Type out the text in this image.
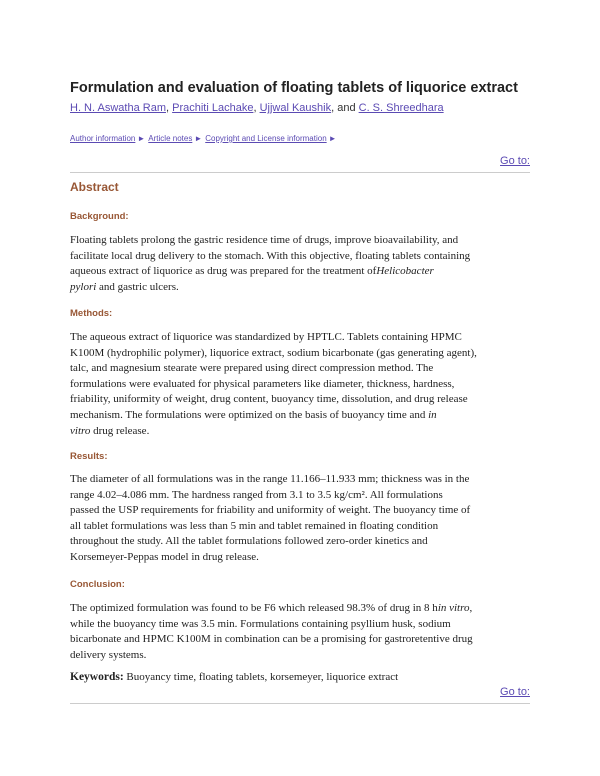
Formulation and evaluation of floating tablets of liquorice extract
H. N. Aswatha Ram, Prachiti Lachake, Ujjwal Kaushik, and C. S. Shreedhara
Author information ► Article notes ► Copyright and License information ►
Go to:
Abstract
Background:

Floating tablets prolong the gastric residence time of drugs, improve bioavailability, and

facilitate local drug delivery to the stomach. With this objective, floating tablets containing

aqueous extract of liquorice as drug was prepared for the treatment ofHelicobacter

pylori and gastric ulcers.

Methods:

The aqueous extract of liquorice was standardized by HPTLC. Tablets containing HPMC

K100M (hydrophilic polymer), liquorice extract, sodium bicarbonate (gas generating agent),

talc, and magnesium stearate were prepared using direct compression method. The

formulations were evaluated for physical parameters like diameter, thickness, hardness,

friability, uniformity of weight, drug content, buoyancy time, dissolution, and drug release

mechanism. The formulations were optimized on the basis of buoyancy time and in

vitro drug release.

Results:

The diameter of all formulations was in the range 11.166–11.933 mm; thickness was in the

range 4.02–4.086 mm. The hardness ranged from 3.1 to 3.5 kg/cm². All formulations

passed the USP requirements for friability and uniformity of weight. The buoyancy time of

all tablet formulations was less than 5 min and tablet remained in floating condition

throughout the study. All the tablet formulations followed zero-order kinetics and

Korsemeyer-Peppas model in drug release.

Conclusion:

The optimized formulation was found to be F6 which released 98.3% of drug in 8 hin vitro,

while the buoyancy time was 3.5 min. Formulations containing psyllium husk, sodium

bicarbonate and HPMC K100M in combination can be a promising for gastroretentive drug

delivery systems.

Keywords: Buoyancy time, floating tablets, korsemeyer, liquorice extract
Go to:
